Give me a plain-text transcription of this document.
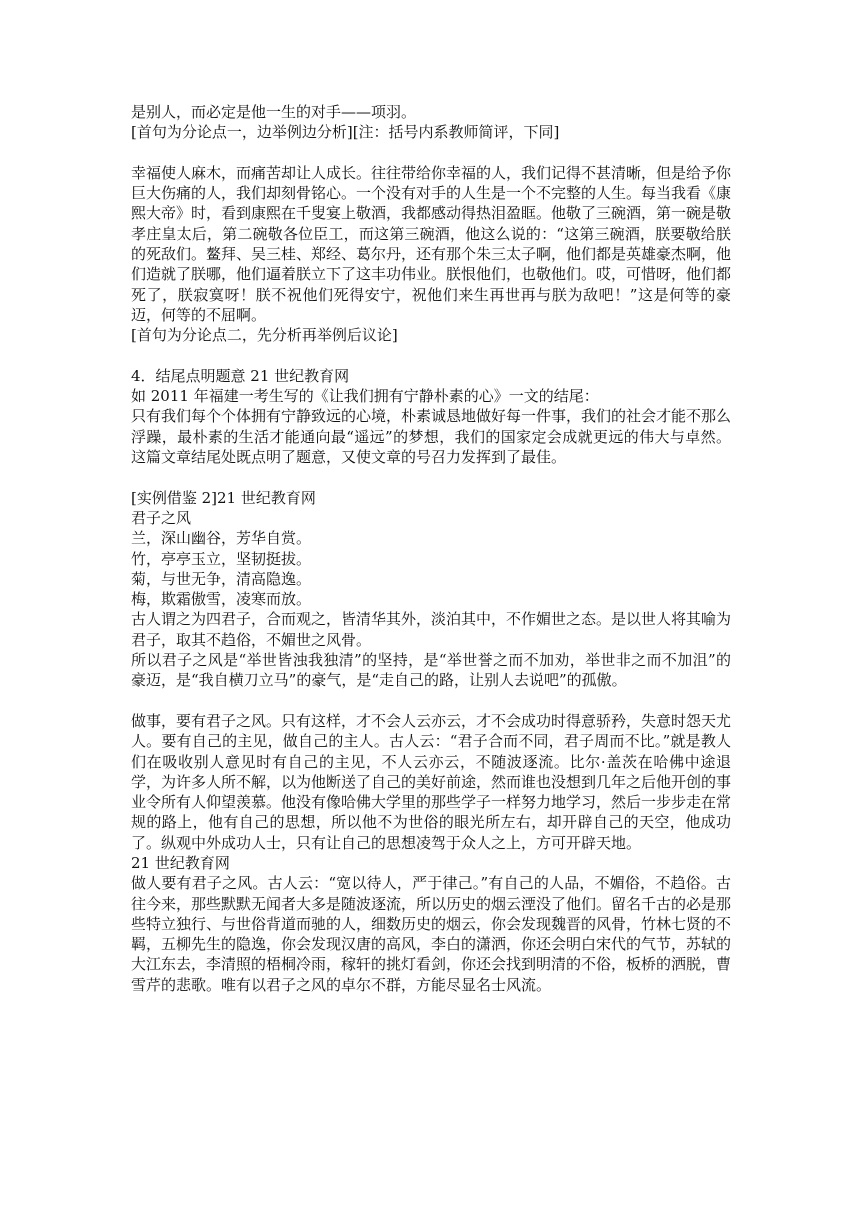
是别人，而必定是他一生的对手——项羽。
[首句为分论点一，边举例边分析][注：括号内系教师简评，下同]
幸福使人麻木，而痛苦却让人成长。往往带给你幸福的人，我们记得不甚清晰，但是给予你巨大伤痛的人，我们却刻骨铭心。一个没有对手的人生是一个不完整的人生。每当我看《康熙大帝》时，看到康熙在千叟宴上敬酒，我都感动得热泪盈眶。他敬了三碗酒，第一碗是敬孝庄皇太后，第二碗敬各位臣工，而这第三碗酒，他这么说的：“这第三碗酒，朕要敬给朕的死敌们。鳌拜、吴三桂、郑经、葛尔丹，还有那个朱三太子啊，他们都是英雄豪杰啊，他们造就了朕哪，他们逼着朕立下了这丰功伟业。朕恨他们，也敬他们。哎，可惜呀，他们都死了，朕寂寞呀！朕不祝他们死得安宁，祝他们来生再世再与朕为敌吧！”这是何等的豪迈，何等的不屈啊。
[首句为分论点二，先分析再举例后议论]
4．结尾点明题意 21 世纪教育网
如 2011 年福建一考生写的《让我们拥有宁静朴素的心》一文的结尾：
只有我们每个个体拥有宁静致远的心境，朴素诚恳地做好每一件事，我们的社会才能不那么浮躁，最朴素的生活才能通向最“遥远”的梦想，我们的国家定会成就更远的伟大与卓然。这篇文章结尾处既点明了题意，又使文章的号召力发挥到了最佳。
[实例借鉴 2]21 世纪教育网
君子之风
兰，深山幽谷，芳华自赏。
竹，亭亭玉立，坚韧挺拔。
菊，与世无争，清高隐逸。
梅，欺霜傲雪，凌寒而放。
古人谓之为四君子，合而观之，皆清华其外，淡泊其中，不作媚世之态。是以世人将其喻为君子，取其不趋俗，不媚世之风骨。
所以君子之风是“举世皆浊我独清”的坚持，是“举世誉之而不加劝，举世非之而不加沮”的豪迈，是“我自横刀立马”的豪气，是“走自己的路，让别人去说吧”的孤傲。
做事，要有君子之风。只有这样，才不会人云亦云，才不会成功时得意骄矜，失意时怨天尤人。要有自己的主见，做自己的主人。古人云：“君子合而不同，君子周而不比。”就是教人们在吸收别人意见时有自己的主见，不人云亦云，不随波逐流。比尔·盖茨在哈佛中途退学，为许多人所不解，以为他断送了自己的美好前途，然而谁也没想到几年之后他开创的事业令所有人仰望羡慕。他没有像哈佛大学里的那些学子一样努力地学习，然后一步步走在常规的路上，他有自己的思想，所以他不为世俗的眼光所左右，却开辟自己的天空，他成功了。纵观中外成功人士，只有让自己的思想凌驾于众人之上，方可开辟天地。
21 世纪教育网
做人要有君子之风。古人云：“宽以待人，严于律己。”有自己的人品，不媚俗，不趋俗。古往今来，那些默默无闻者大多是随波逐流，所以历史的烟云湮没了他们。留名千古的必是那些特立独行、与世俗背道而驰的人，细数历史的烟云，你会发现魏晋的风骨，竹林七贤的不羁，五柳先生的隐逸，你会发现汉唐的高风，李白的潇洒，你还会明白宋代的气节，苏轼的大江东去，李清照的梧桐冷雨，稼轩的挑灯看剑，你还会找到明清的不俗，板桥的洒脱，曹雪芹的悲歌。唯有以君子之风的卓尔不群，方能尽显名士风流。
